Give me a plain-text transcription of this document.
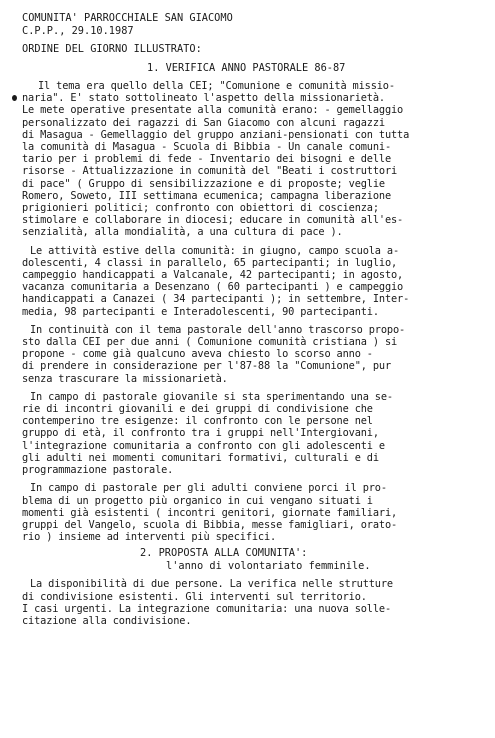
COMUNITA' PARROCCHIALE SAN GIACOMO
C.P.P., 29.10.1987
ORDINE DEL GIORNO ILLUSTRATO:
1. VERIFICA ANNO PASTORALE 86-87
Il tema era quello della CEI; "Comunione e comunità missio-
naria". E' stato sottolineato l'aspetto della missionarietà.
Le mete operative presentate alla comunità erano: - gemellaggio
personalizzato dei ragazzi di San Giacomo con alcuni ragazzi
di Masagua - Gemellaggio del gruppo anziani-pensionati con tutta
la comunità di Masagua - Scuola di Bibbia - Un canale comuni-
tario per i problemi di fede - Inventario dei bisogni e delle
risorse - Attualizzazione in comunità del "Beati i costruttori
di pace" ( Gruppo di sensibilizzazione e di proposte; veglie
Romero, Soweto, III settimana ecumenica; campagna liberazione
prigionieri politici; confronto con obiettori di coscienza;
stimolare e collaborare in diocesi; educare in comunità all'es-
senzialità, alla mondialità, a una cultura di pace ).
Le attività estive della comunità: in giugno, campo scuola a-
dolescenti, 4 classi in parallelo, 65 partecipanti; in luglio,
campeggio handicappati a Valcanale, 42 partecipanti; in agosto,
vacanza comunitaria a Desenzano ( 60 partecipanti ) e campeggio
handicappati a Canazei ( 34 partecipanti ); in settembre, Inter-
media, 98 partecipanti e Interadolescenti, 90 partecipanti.
In continuità con il tema pastorale dell'anno trascorso propo-
sto dalla CEI per due anni ( Comunione comunità cristiana ) si
propone - come già qualcuno aveva chiesto lo scorso anno -
di prendere in considerazione per l'87-88 la "Comunione", pur
senza trascurare la missionarietà.
In campo di pastorale giovanile si sta sperimentando una se-
rie di incontri giovanili e dei gruppi di condivisione che
contemperino tre esigenze: il confronto con le persone nel
gruppo di età, il confronto tra i gruppi nell'Intergiovani,
l'integrazione comunitaria a confronto con gli adolescenti e
gli adulti nei momenti comunitari formativi, culturali e di
programmazione pastorale.
In campo di pastorale per gli adulti conviene porci il pro-
blema di un progetto più organico in cui vengano situati i
momenti già esistenti ( incontri genitori, giornate familiari,
gruppi del Vangelo, scuola di Bibbia, messe famigliari, orato-
rio ) insieme ad interventi più specifici.
2. PROPOSTA ALLA COMUNITA':
l'anno di volontariato femminile.
La disponibilità di due persone. La verifica nelle strutture
di condivisione esistenti. Gli interventi sul territorio.
I casi urgenti. La integrazione comunitaria: una nuova solle-
citazione alla condivisione.
